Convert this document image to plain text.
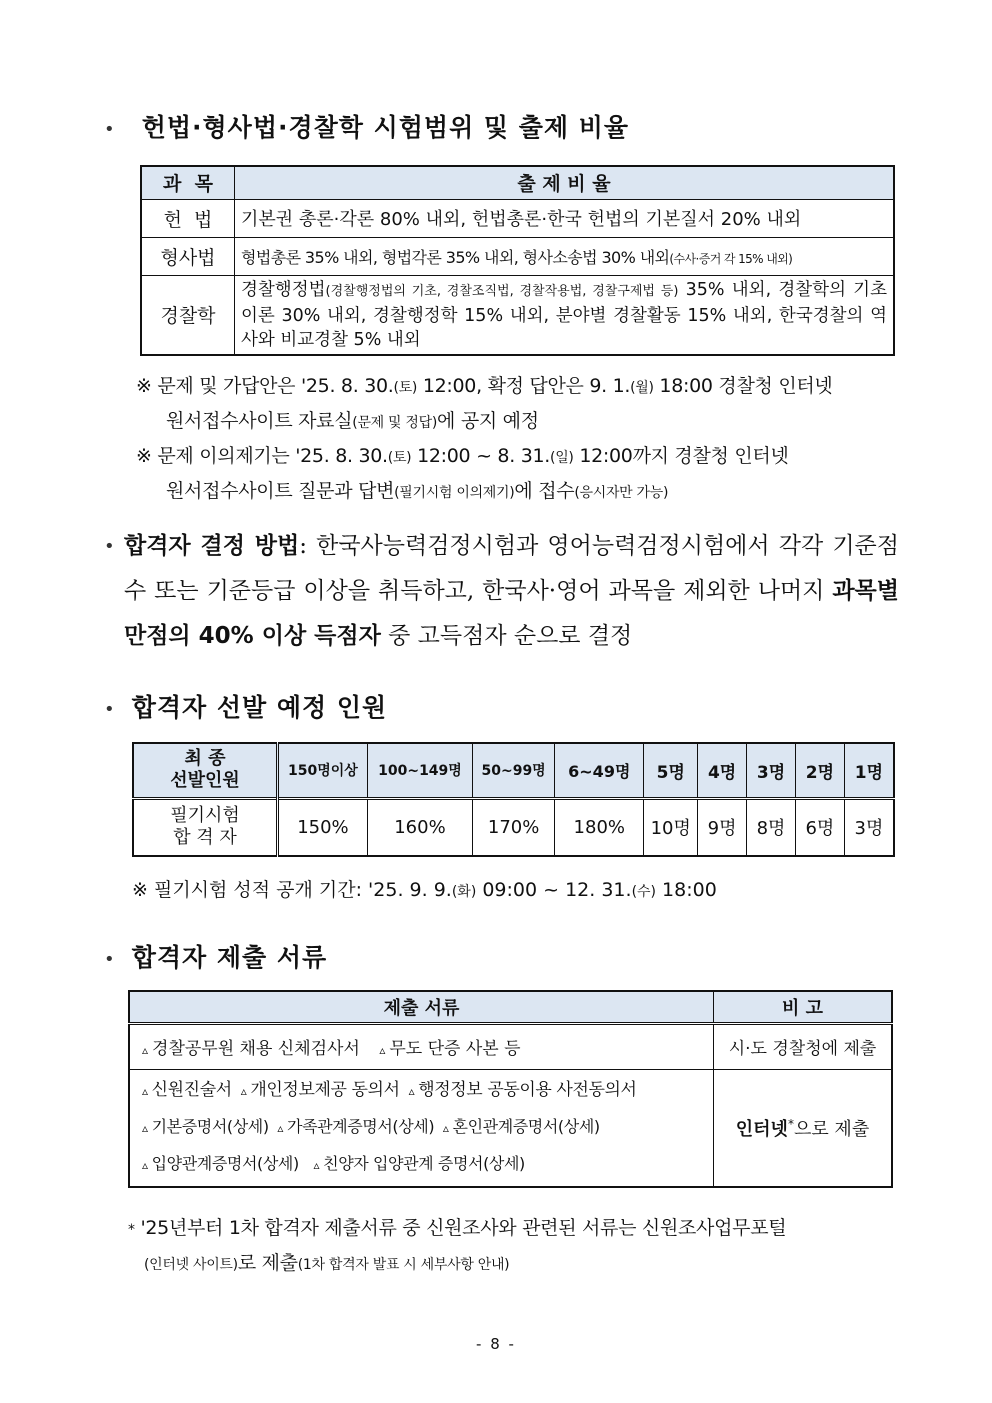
• 헌법·형사법·경찰학 시험범위 및 출제 비율
과  목	출 제 비 율
헌  법	기본권 총론·각론 80% 내외, 헌법총론·한국 헌법의 기본질서 20% 내외
형사법	형법총론 35% 내외, 형법각론 35% 내외, 형사소송법 30% 내외(수사·증거 각 15% 내외)
경찰학	경찰행정법(경찰행정법의 기초, 경찰조직법, 경찰작용법, 경찰구제법 등) 35% 내외, 경찰학의 기초이론 30% 내외, 경찰행정학 15% 내외, 분야별 경찰활동 15% 내외, 한국경찰의 역사와 비교경찰 5% 내외
※ 문제 및 가답안은 '25. 8. 30.(토) 12:00, 확정 답안은 9. 1.(월) 18:00 경찰청 인터넷
원서접수사이트 자료실(문제 및 정답)에 공지 예정
※ 문제 이의제기는 '25. 8. 30.(토) 12:00 ~ 8. 31.(일) 12:00까지 경찰청 인터넷
원서접수사이트 질문과 답변(필기시험 이의제기)에 접수(응시자만 가능)
• 합격자 결정 방법: 한국사능력검정시험과 영어능력검정시험에서 각각 기준점수 또는 기준등급 이상을 취득하고, 한국사·영어 과목을 제외한 나머지 과목별 만점의 40% 이상 득점자 중 고득점자 순으로 결정
• 합격자 선발 예정 인원
최 종
선발인원	150명이상	100~149명	50~99명	6~49명	5명	4명	3명	2명	1명

필기시험
합 격 자	150%	160%	170%	180%	10명	9명	8명	6명	3명
※ 필기시험 성적 공개 기간: '25. 9. 9.(화) 09:00 ~ 12. 31.(수) 18:00
• 합격자 제출 서류
제출 서류	비 고
▵ 경찰공무원 채용 신체검사서 ▵ 무도 단증 사본 등	시·도 경찰청에 제출

▵ 신원진술서 ▵ 개인정보제공 동의서 ▵ 행정정보 공동이용 사전동의서
▵ 기본증명서(상세) ▵ 가족관계증명서(상세) ▵ 혼인관계증명서(상세)
▵ 입양관계증명서(상세) ▵ 친양자 입양관계 증명서(상세)	인터넷*으로 제출
* '25년부터 1차 합격자 제출서류 중 신원조사와 관련된 서류는 신원조사업무포털
(인터넷 사이트)로 제출(1차 합격자 발표 시 세부사항 안내)
- 8 -
